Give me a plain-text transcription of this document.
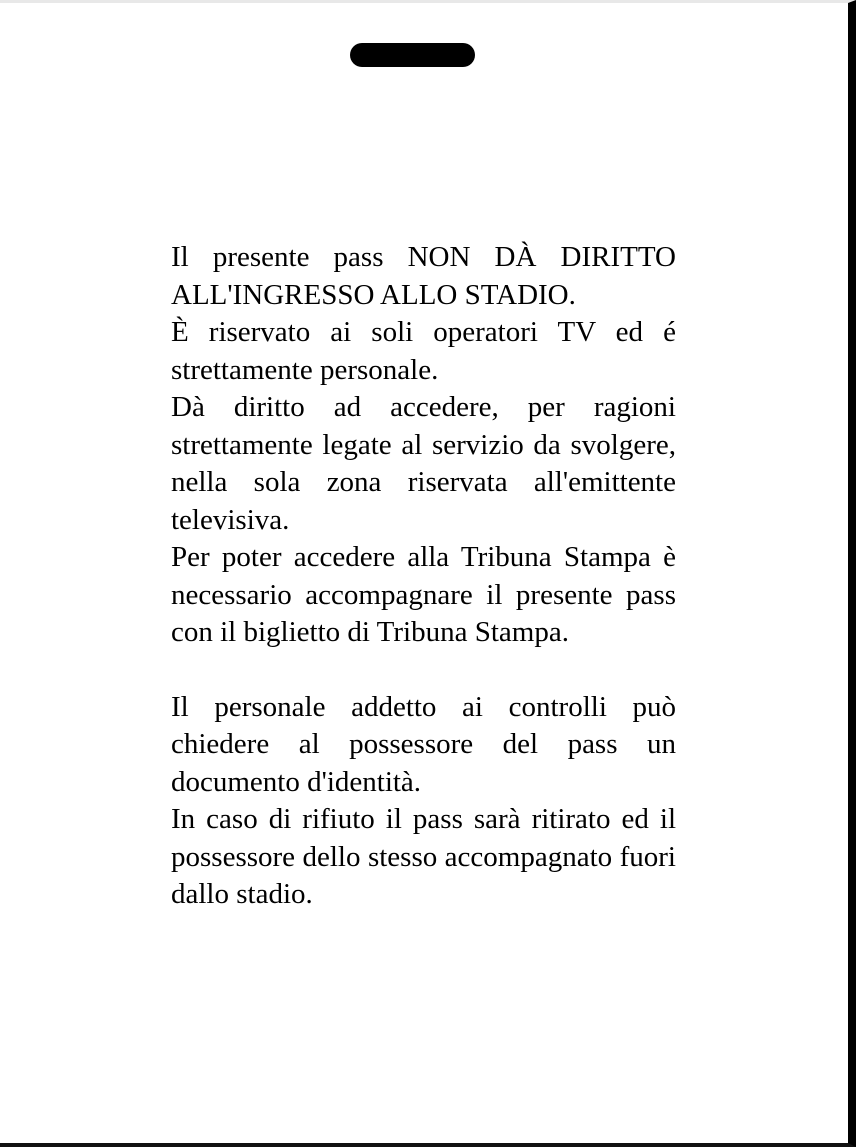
Il presente pass NON DÀ DIRITTO ALL'INGRESSO ALLO STADIO.

È riservato ai soli operatori TV ed é strettamente personale.

Dà diritto ad accedere, per ragioni strettamente legate al servizio da svolgere, nella sola zona riservata all'emittente televisiva.

Per poter accedere alla Tribuna Stampa è necessario accompagnare il presente pass con il biglietto di Tribuna Stampa.

Il personale addetto ai controlli può chiedere al possessore del pass un documento d'identità.

In caso di rifiuto il pass sarà ritirato ed il possessore dello stesso accompagnato fuori dallo stadio.
